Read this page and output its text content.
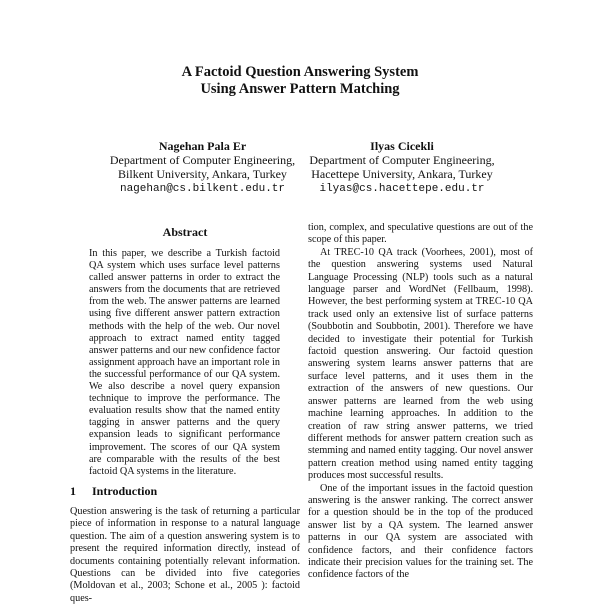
A Factoid Question Answering System
Using Answer Pattern Matching
Nagehan Pala Er
Department of Computer Engineering,
Bilkent University, Ankara, Turkey
nagehan@cs.bilkent.edu.tr
Ilyas Cicekli
Department of Computer Engineering,
Hacettepe University, Ankara, Turkey
ilyas@cs.hacettepe.edu.tr
Abstract
In this paper, we describe a Turkish factoid QA system which uses surface level patterns called answer patterns in order to extract the answers from the documents that are retrieved from the web. The answer patterns are learned using five different answer pattern extraction methods with the help of the web. Our novel approach to extract named entity tagged answer patterns and our new confidence factor assignment approach have an important role in the successful performance of our QA system. We also describe a novel query expansion technique to improve the performance. The evaluation results show that the named entity tagging in answer patterns and the query expansion leads to significant performance improvement. The scores of our QA system are comparable with the results of the best factoid QA systems in the literature.
1 Introduction
Question answering is the task of returning a particular piece of information in response to a natural language question. The aim of a question answering system is to present the required information directly, instead of documents containing potentially relevant information. Questions can be divided into five categories (Moldovan et al., 2003; Schone et al., 2005 ): factoid ques-

tion, complex, and speculative questions are out of the scope of this paper.

At TREC-10 QA track (Voorhees, 2001), most of the question answering systems used Natural Language Processing (NLP) tools such as a natural language parser and WordNet (Fellbaum, 1998). However, the best performing system at TREC-10 QA track used only an extensive list of surface patterns (Soubbotin and Soubbotin, 2001). Therefore we have decided to investigate their potential for Turkish factoid question answering. Our factoid question answering system learns answer patterns that are surface level patterns, and it uses them in the extraction of the answers of new questions. Our answer patterns are learned from the web using machine learning approaches. In addition to the creation of raw string answer patterns, we tried different methods for answer pattern creation such as stemming and named entity tagging. Our novel answer pattern creation method using named entity tagging produces most successful results.

One of the important issues in the factoid question answering is the answer ranking. The correct answer for a question should be in the top of the produced answer list by a QA system. The learned answer patterns in our QA system are associated with confidence factors, and their confidence factors indicate their precision values for the training set. The confidence factors of the
